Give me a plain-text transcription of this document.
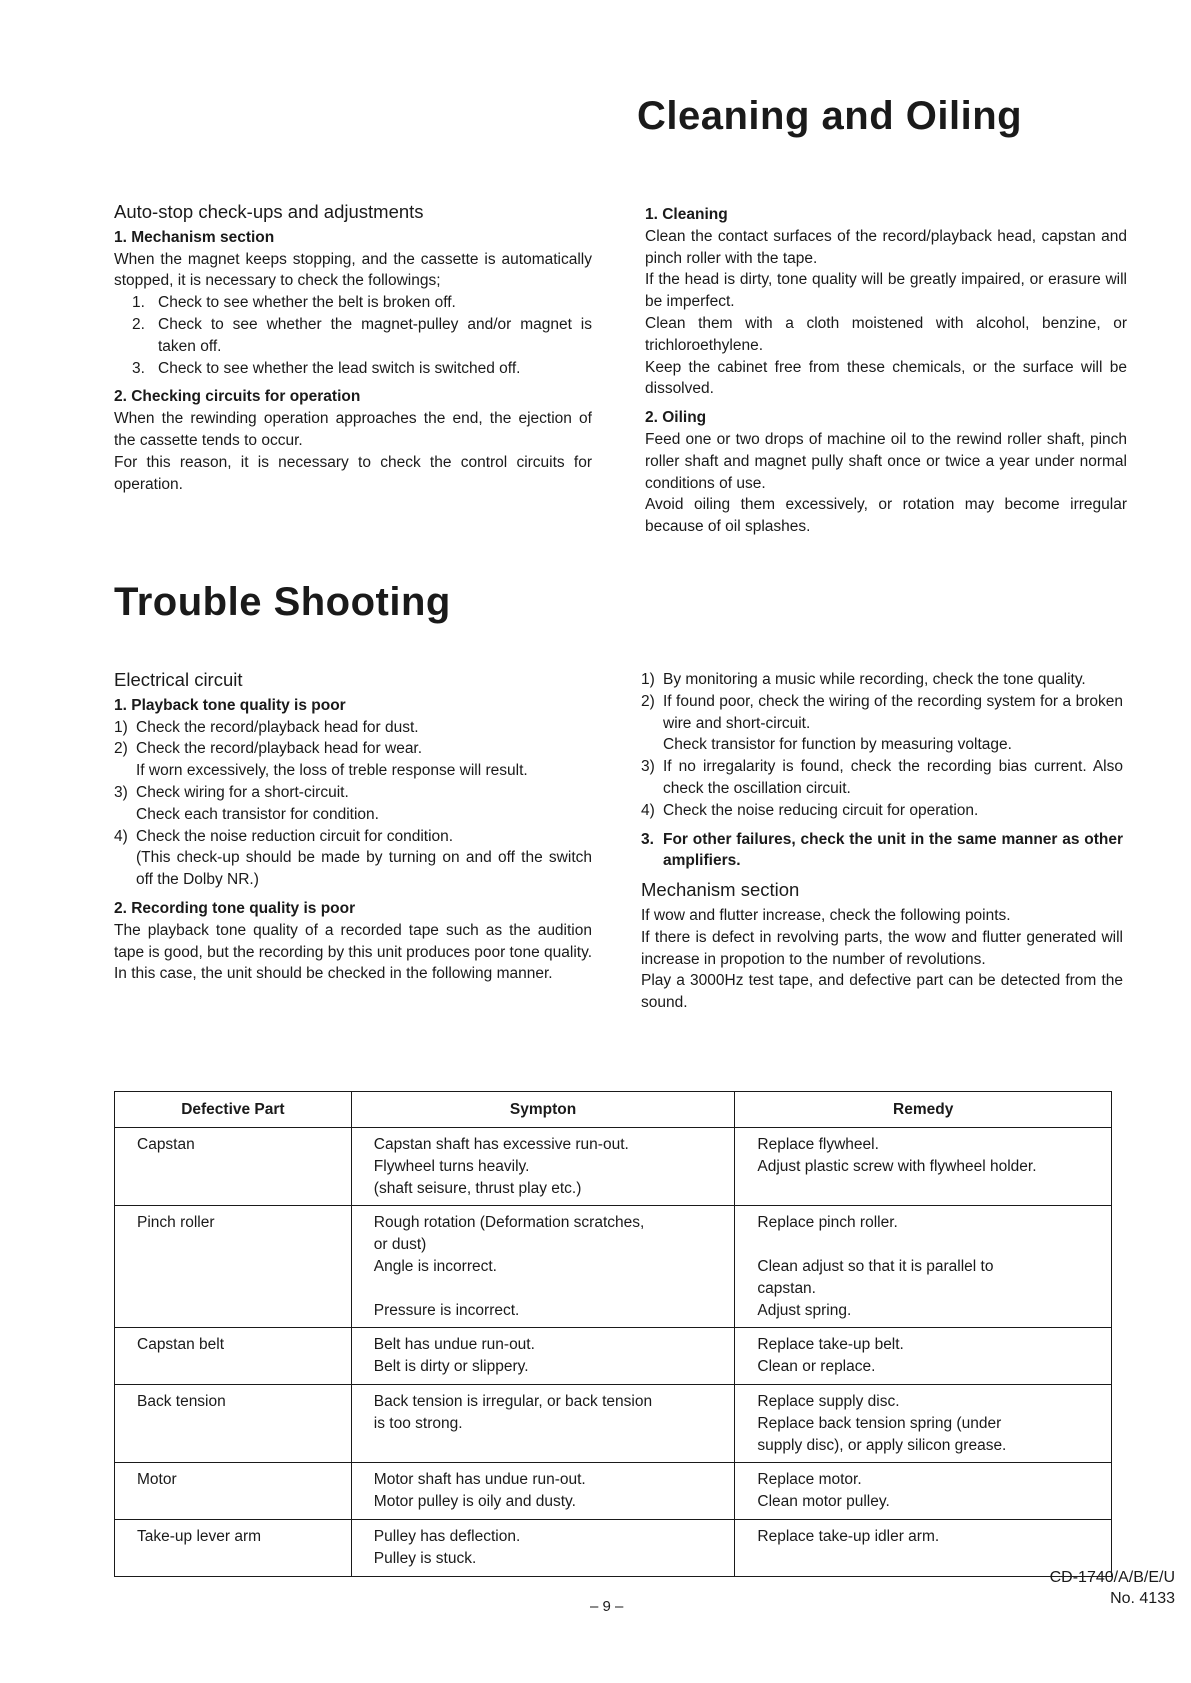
Cleaning and Oiling
Trouble Shooting
Auto-stop check-ups and adjustments
1. Mechanism section

When the magnet keeps stopping, and the cassette is automatically stopped, it is necessary to check the followings;

1. Check to see whether the belt is broken off.
2. Check to see whether the magnet-pulley and/or magnet is taken off.
3. Check to see whether the lead switch is switched off.
2. Checking circuits for operation

When the rewinding operation approaches the end, the ejection of the cassette tends to occur.

For this reason, it is necessary to check the control circuits for operation.

1. Cleaning

Clean the contact surfaces of the record/playback head, capstan and pinch roller with the tape.

If the head is dirty, tone quality will be greatly impaired, or erasure will be imperfect.

Clean them with a cloth moistened with alcohol, benzine, or trichloroethylene.

Keep the cabinet free from these chemicals, or the surface will be dissolved.

2. Oiling

Feed one or two drops of machine oil to the rewind roller shaft, pinch roller shaft and magnet pully shaft once or twice a year under normal conditions of use.

Avoid oiling them excessively, or rotation may become irregular because of oil splashes.

Electrical circuit
1. Playback tone quality is poor
1) Check the record/playback head for dust.
2) Check the record/playback head for wear.

If worn excessively, the loss of treble response will result.

3) Check wiring for a short-circuit.

Check each transistor for condition.

4) Check the noise reduction circuit for condition.

(This check-up should be made by turning on and off the switch off the Dolby NR.)

2. Recording tone quality is poor

The playback tone quality of a recorded tape such as the audition tape is good, but the recording by this unit produces poor tone quality. In this case, the unit should be checked in the following manner.

1) By monitoring a music while recording, check the tone quality.
2) If found poor, check the wiring of the recording system for a broken wire and short-circuit.

Check transistor for function by measuring voltage.

3) If no irregalarity is found, check the recording bias current. Also check the oscillation circuit.
4) Check the noise reducing circuit for operation.
3. For other failures, check the unit in the same manner as other amplifiers.
Mechanism section

If wow and flutter increase, check the following points.

If there is defect in revolving parts, the wow and flutter generated will increase in propotion to the number of revolutions.

Play a 3000Hz test tape, and defective part can be detected from the sound.

Defective Part	Sympton	Remedy
Capstan	Capstan shaft has excessive run-out.
Flywheel turns heavily.
(shaft seisure, thrust play etc.)	Replace flywheel.
Adjust plastic screw with flywheel holder.

Pinch roller	Rough rotation (Deformation scratches,
or dust)
Angle is incorrect.
Pressure is incorrect.	Replace pinch roller.
Clean adjust so that it is parallel to
capstan.
Adjust spring.

Capstan belt	Belt has undue run-out.
Belt is dirty or slippery.	Replace take-up belt.
Clean or replace.

Back tension	Back tension is irregular, or back tension
is too strong.	Replace supply disc.
Replace back tension spring (under
supply disc), or apply silicon grease.

Motor	Motor shaft has undue run-out.
Motor pulley is oily and dusty.	Replace motor.
Clean motor pulley.

Take-up lever arm	Pulley has deflection.
Pulley is stuck.	Replace take-up idler arm.
– 9 –
CD-1740/A/B/E/U
No. 4133
